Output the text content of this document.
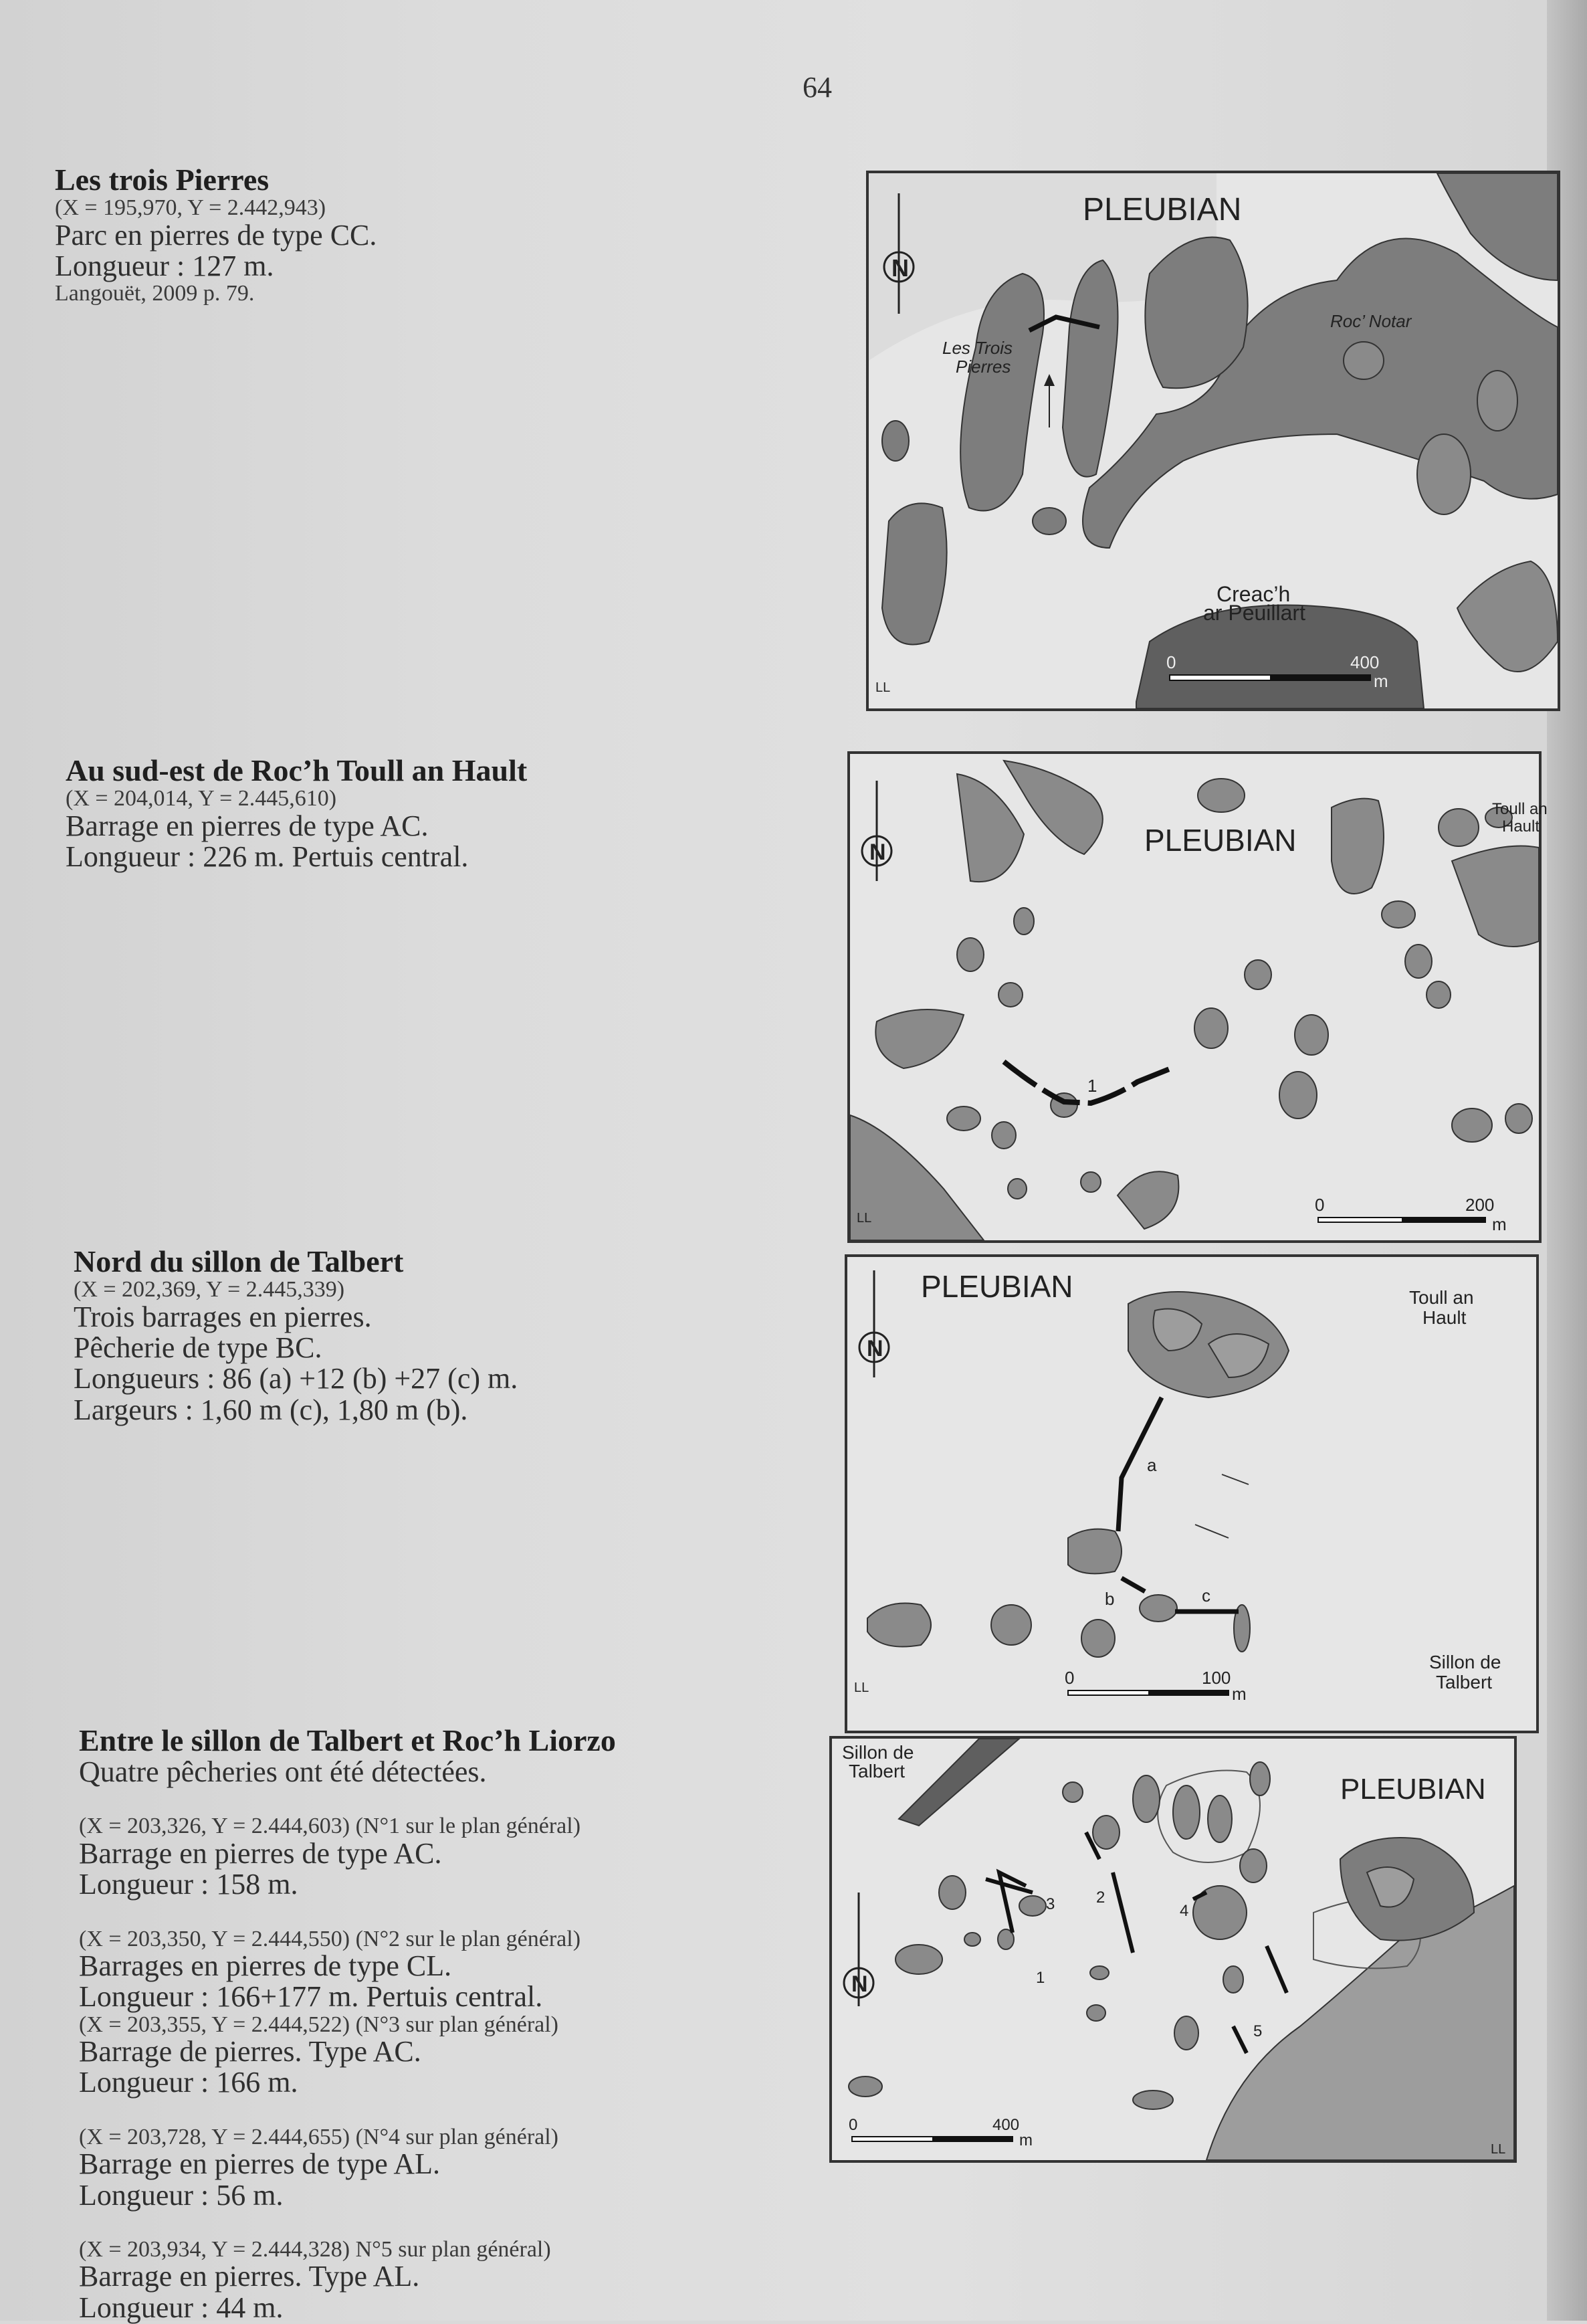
64
Les trois Pierres
(X = 195,970, Y = 2.442,943)
Parc en pierres de type CC.
Longueur : 127 m.
Langouët, 2009 p. 79.
Au sud-est de Roc’h Toull an Hault
(X = 204,014, Y = 2.445,610)
Barrage en pierres de type AC.
Longueur : 226 m. Pertuis central.
Nord du sillon de Talbert
(X = 202,369, Y = 2.445,339)
Trois barrages en pierres.
Pêcherie de type BC.
Longueurs : 86 (a) +12 (b) +27 (c) m.
Largeurs : 1,60 m (c), 1,80 m (b).
Entre le sillon de Talbert et Roc’h Liorzo
Quatre pêcheries ont été détectées.
(X = 203,326, Y = 2.444,603) (N°1 sur le plan général)
Barrage en pierres de type AC.
Longueur : 158 m.
(X = 203,350, Y = 2.444,550) (N°2 sur le plan général)
Barrages en pierres de type CL.
Longueur : 166+177 m. Pertuis central.
(X = 203,355, Y = 2.444,522) (N°3 sur plan général)
Barrage de pierres. Type AC.
Longueur : 166 m.
(X = 203,728, Y = 2.444,655) (N°4 sur plan général)
Barrage en pierres de type AL.
Longueur : 56 m.
(X = 203,934, Y = 2.444,328) N°5 sur plan général)
Barrage en pierres. Type AL.
Longueur : 44 m.
N
PLEUBIAN
Les Trois
Pierres
Roc’ Notar
Creac’h
ar Peuillart
0	400
m
LL
N	PLEUBIAN
Toull an
Hault
1
0	200
m
LL
N
PLEUBIAN	Toull an
Hault
Sillon de
Talbert
a
b	c
0	100
m
LL
N
PLEUBIAN
Sillon de
Talbert
1
2
3	4
5
0	400
m	LL
